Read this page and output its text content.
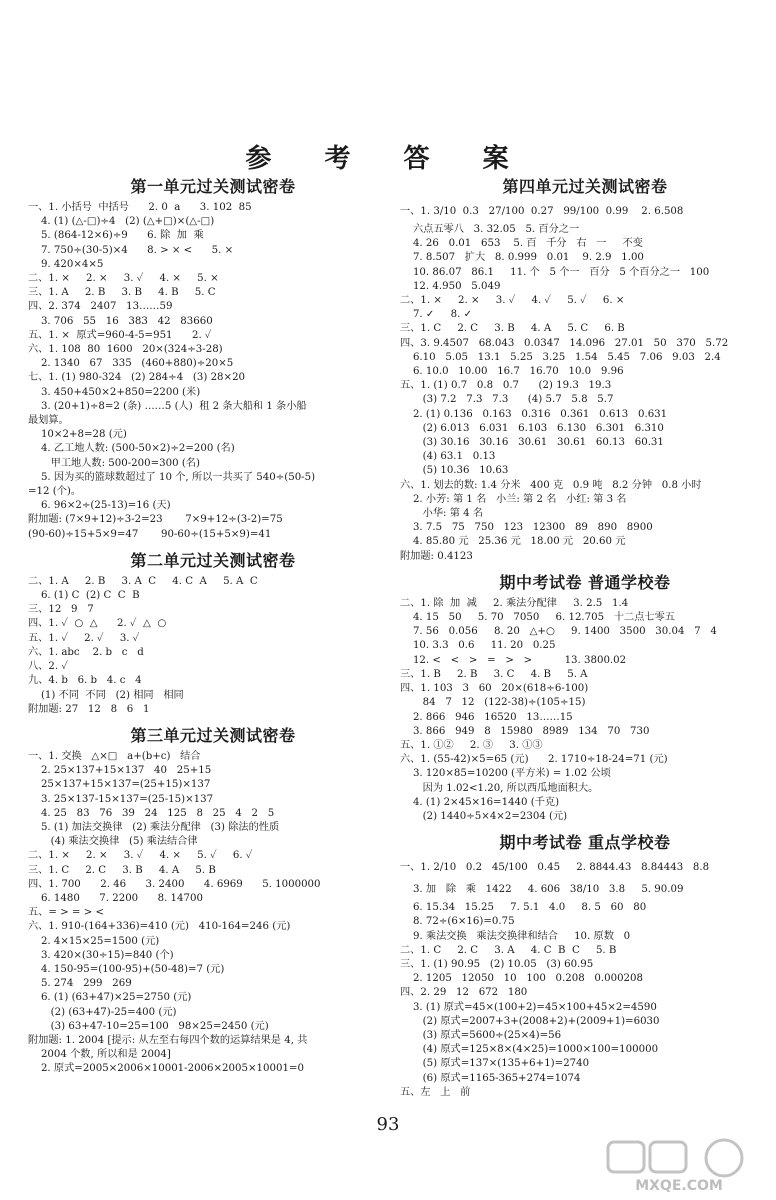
参 考 答 案
第一单元过关测试密卷
一、1. 小括号  中括号      2. 0  a      3. 102  85
4. (1) (△-□)÷4   (2) (△+□)×(△-□)
5. (864-12×6)÷9      6. 除  加  乘
7. 750÷(30-5)×4      8. > × <      5. ×
9. 420×4×5
二、1. ×     2. ×     3. ✓     4. ×     5. ×
三、1. A     2. B     3. B     4. B     5. C
四、2. 374   2407   13……59
3. 706   55   16   383   42   83660
五、1. ×  原式=960-4-5=951      2. ✓
六、1. 108  80  1600   20×(324÷3-28)
2. 1340   67   335   (460+880)÷20×5
七、1. (1) 980-324   (2) 284÷4   (3) 28×20
3. 450+450×2+850=2200 (米)
3. (20+1)÷8=2 (条) ……5 (人)  租 2 条大船和 1 条小船
最划算。
10×2+8=28 (元)
4. 乙工地人数: (500-50×2)÷2=200 (名)
甲工地人数: 500-200=300 (名)
5. 因为买的篮球数超过了 10 个, 所以一共买了 540÷(50-5)
=12 (个)。
6. 96×2÷(25-13)=16 (天)
附加题: (7×9+12)÷3-2=23       7×9+12÷(3-2)=75
(90-60)÷15+5×9=47       90-60÷(15+5×9)=41
第二单元过关测试密卷
二、1. A     2. B     3. A  C     4. C  A     5. A  C
6. (1) C  (2) C  C  B
三、12   9   7
四、1. ✓  ○  △      2. ✓  △  ○
五、1. ✓     2. ✓     3. ✓
六、1. abc    2. b   c   d
八、2. ✓
九、4. b   6. b   4. c   4
(1) 不同  不同   (2) 相同   相同
附加题: 27   12   8   6   1
第三单元过关测试密卷
一、1. 交换   △×□   a+(b+c)   结合
2. 25×137+15×137   40   25+15
25×137+15×137=(25+15)×137
3. 25×137-15×137=(25-15)×137
4. 25   83   76   39   24   125   8   25   4   2   5
5. (1) 加法交换律   (2) 乘法分配律   (3) 除法的性质
(4) 乘法交换律   (5) 乘法结合律
二、1. ×     2. ×     3. ✓     4. ×     5. ✓     6. ✓
三、1. C     2. C     3. B     4. A     5. B
四、1. 700      2. 46      3. 2400      4. 6969      5. 1000000
6. 1480      7. 2200      8. 14700
五、= > = > <
六、1. 910-(164+336)=410 (元)   410-164=246 (元)
2. 4×15×25=1500 (元)
3. 420×(30÷15)=840 (个)
4. 150-95=(100-95)+(50-48)=7 (元)
5. 274   299   269
6. (1) (63+47)×25=2750 (元)
(2) (63+47)-25=400 (元)
(3) 63+47-10=25=100   98×25=2450 (元)
附加题: 1. 2004 [提示: 从左至右每四个数的运算结果是 4, 共
2004 个数, 所以和是 2004]
2. 原式=2005×2006×10001-2006×2005×10001=0
第四单元过关测试密卷
一、1. 3/10  0.3   27/100  0.27   99/100  0.99    2. 6.508
六点五零八   3. 32.05   5. 百分之一
4. 26   0.01   653    5. 百   千分   右   一     不变
7. 8.507   扩大   8. 0.999   0.01    9. 2.9   1.00
10. 86.07   86.1     11. 个   5 个一   百分   5 个百分之一   100
12. 4.950   5.049
二、1. ×     2. ×     3. ✓     4. ✓     5. ✓     6. ×
7. ✓     8. ✓
三、1. C     2. C     3. B     4. A     5. C     6. B
四、3. 9.4507   68.043   0.0347   14.096   27.01   50   370   5.72
6.10   5.05   13.1   5.25   3.25   1.54   5.45   7.06   9.03   2.4
6. 10.0   10.00   16.7   16.70   10.0   9.96
五、1. (1) 0.7   0.8   0.7      (2) 19.3   19.3
(3) 7.2   7.3   7.3      (4) 5.7   5.8   5.7
2. (1) 0.136   0.163   0.316   0.361   0.613   0.631
(2) 6.013   6.031   6.103   6.130   6.301   6.310
(3) 30.16   30.16   30.61   30.61   60.13   60.31
(4) 63.1   0.13
(5) 10.36   10.63
六、1. 划去的数: 1.4 分米   400 克   0.9 吨   8.2 分钟   0.8 小时
2. 小芳: 第 1 名   小兰: 第 2 名   小红: 第 3 名
小华: 第 4 名
3. 7.5   75   750   123   12300   89   890   8900
4. 85.80 元   25.36 元   18.00 元   20.60 元
附加题: 0.4123
期中考试卷 普通学校卷
二、1. 除  加  减     2. 乘法分配律     3. 2.5   1.4
4. 15   50     5. 70   7050     6. 12.705   十二点七零五
7. 56   0.056     8. 20   △+○     9. 1400   3500   30.04   7   4
10. 3.3   0.6     11. 20   0.25
12. <   <   >   =   >   >          13. 3800.02
三、1. B     2. B     3. C     4. B     5. A
四、1. 103   3   60   20×(618÷6-100)
84   7   12   (122-38)÷(105÷15)
2. 866   946   16520   13……15
3. 866   949   8   15980   8989   134   70   730
五、1. ①②     2. ③     3. ①③
六、1. (55-42)×5=65 (元)      2. 1710÷18-24=71 (元)
3. 120×85=10200 (平方米) = 1.02 公顷
因为 1.02<1.20, 所以西瓜地面积大。
4. (1) 2×45×16=1440 (千克)
(2) 1440÷5×4×2=2304 (元)
期中考试卷 重点学校卷
一、1. 2/10   0.2   45/100   0.45     2. 8844.43   8.84443   8.8
3. 加   除   乘   1422     4. 606   38/10   3.8     5. 90.09
6. 15.34   15.25     7. 5.1   4.0     8. 5   60   80
8. 72÷(6×16)=0.75
9. 乘法交换   乘法交换律和结合     10. 原数   0
二、1. C     2. C     3. A     4. C  B  C     5. B
三、1. (1) 90.95   (2) 10.05   (3) 60.95
2. 1205   12050   10   100   0.208   0.000208
四、2. 29   12   672   180
3. (1) 原式=45×(100+2)=45×100+45×2=4590
(2) 原式=2007+3+(2008+2)+(2009+1)=6030
(3) 原式=5600÷(25×4)=56
(4) 原式=125×8×(4×25)=1000×100=100000
(5) 原式=137×(135+6+1)=2740
(6) 原式=1165-365+274=1074
五、左   上   前
93
MXQE.COM
